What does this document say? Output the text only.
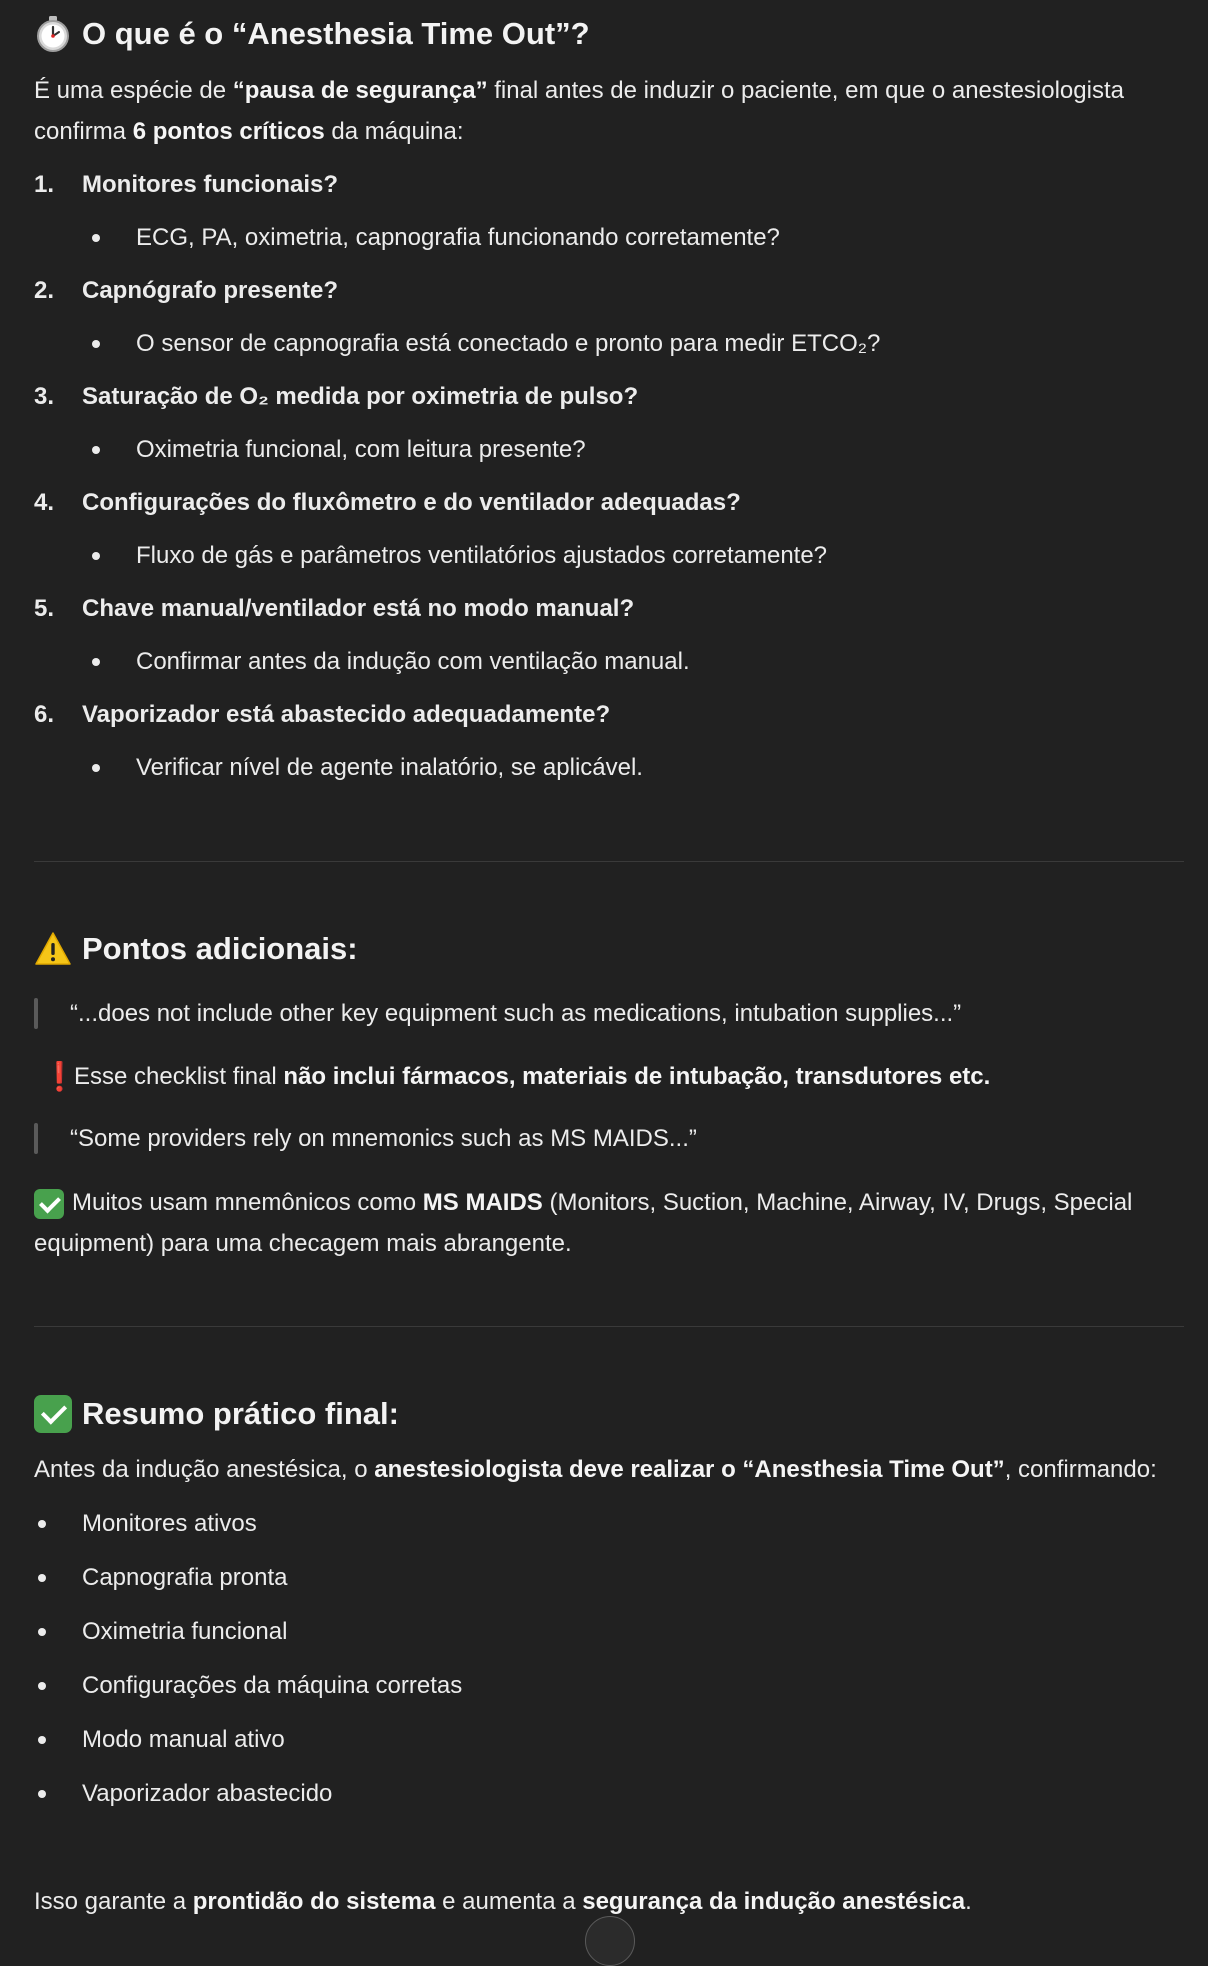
O que é o “Anesthesia Time Out”?

É uma espécie de “pausa de segurança” final antes de induzir o paciente, em que o anestesiologista confirma 6 pontos críticos da máquina:

1.	Monitores funcionais?
ECG, PA, oximetria, capnografia funcionando corretamente?
2.	Capnógrafo presente?
O sensor de capnografia está conectado e pronto para medir ETCO₂?
3.	Saturação de O₂ medida por oximetria de pulso?
Oximetria funcional, com leitura presente?
4.	Configurações do fluxômetro e do ventilador adequadas?
Fluxo de gás e parâmetros ventilatórios ajustados corretamente?
5.	Chave manual/ventilador está no modo manual?
Confirmar antes da indução com ventilação manual.
6.	Vaporizador está abastecido adequadamente?
Verificar nível de agente inalatório, se aplicável.
Pontos adicionais:
“...does not include other key equipment such as medications, intubation supplies...”
❗
Esse checklist final não inclui fármacos, materiais de intubação, transdutores etc.
“Some providers rely on mnemonics such as MS MAIDS...”

Muitos usam mnemônicos como MS MAIDS (Monitors, Suction, Machine, Airway, IV, Drugs, Special equipment) para uma checagem mais abrangente.

Resumo prático final:

Antes da indução anestésica, o anestesiologista deve realizar o “Anesthesia Time Out”, confirmando:

Monitores ativos
Capnografia pronta
Oximetria funcional
Configurações da máquina corretas
Modo manual ativo
Vaporizador abastecido

Isso garante a prontidão do sistema e aumenta a segurança da indução anestésica.
